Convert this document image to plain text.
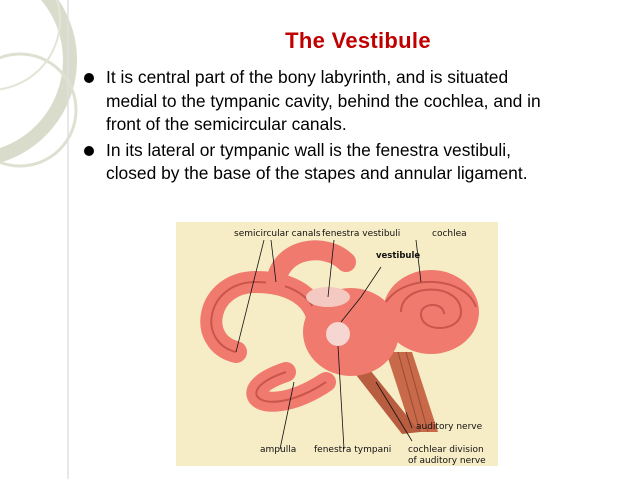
The Vestibule
It is central part of the bony labyrinth, and is situated medial to the tympanic cavity, behind the cochlea, and in front of the semicircular canals.
In its lateral or tympanic wall is the fenestra vestibuli, closed by the base of the stapes and annular ligament.
semicircular canals fenestra vestibuli	cochlea
vestibule
auditory nerve
ampulla fenestra tympani cochlear division
of auditory nerve
